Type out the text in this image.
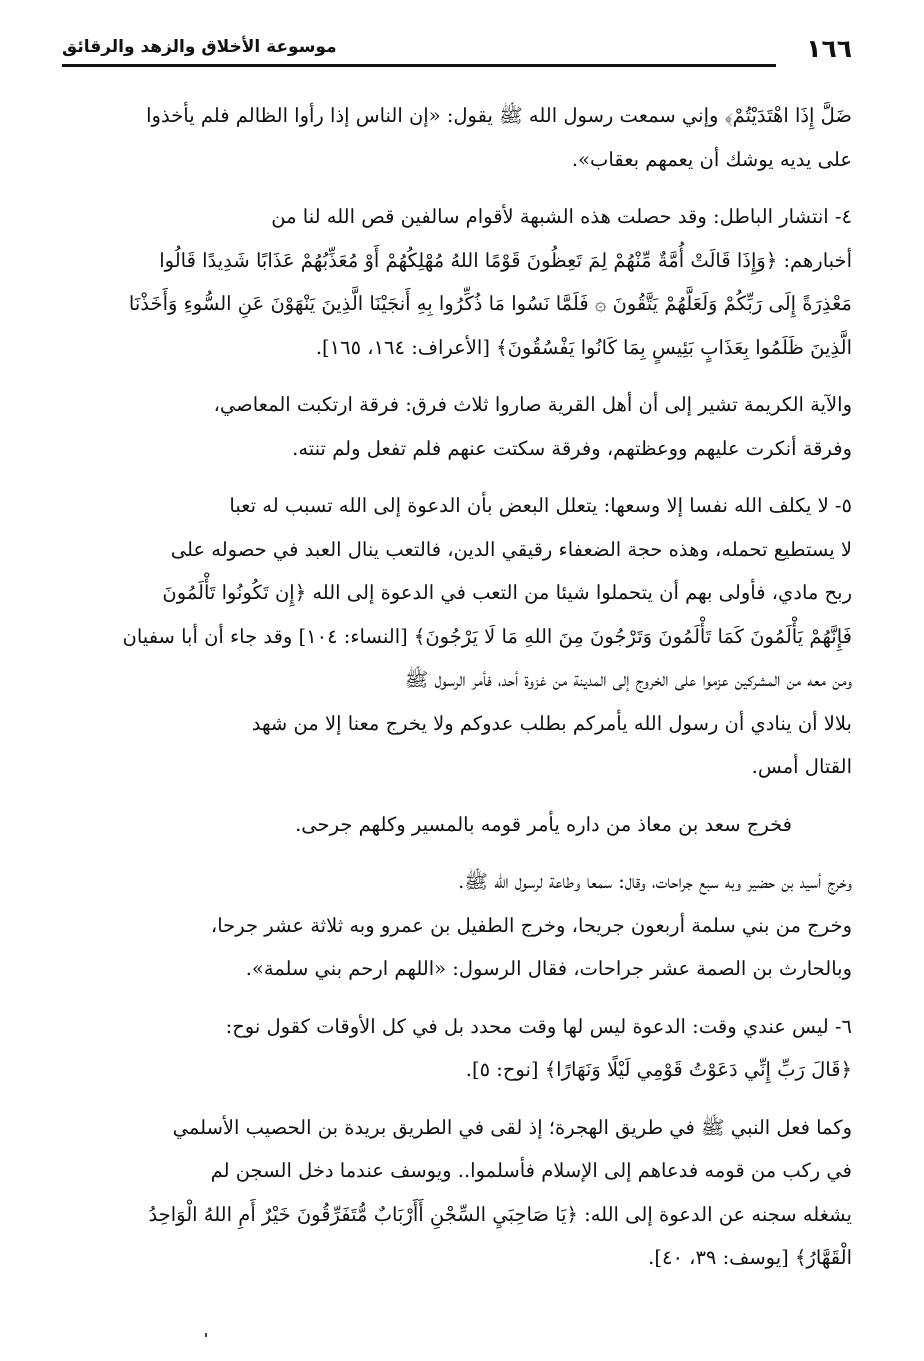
١٦٦
موسوعة الأخلاق والزهد والرقائق

ضَلَّ إِذَا اهْتَدَيْتُمْ﴾ وإني سمعت رسول الله ﷺ يقول: «إن الناس إذا رأوا الظالم فلم يأخذوا
على يديه يوشك أن يعمهم بعقاب».

٤- انتشار الباطل: وقد حصلت هذه الشبهة لأقوام سالفين قص الله لنا من
أخبارهم: ﴿وَإِذَا قَالَتْ أُمَّةٌ مِّنْهُمْ لِمَ تَعِظُونَ قَوْمًا اللهُ مُهْلِكُهُمْ أَوْ مُعَذِّبُهُمْ عَذَابًا شَدِيدًا قَالُوا
مَعْذِرَةً إِلَى رَبِّكُمْ وَلَعَلَّهُمْ يَتَّقُونَ ۞ فَلَمَّا نَسُوا مَا ذُكِّرُوا بِهِ أَنجَيْنَا الَّذِينَ يَنْهَوْنَ عَنِ السُّوءِ وَأَخَذْنَا
الَّذِينَ ظَلَمُوا بِعَذَابٍ بَئِيسٍ بِمَا كَانُوا يَفْسُقُونَ﴾ [الأعراف: ١٦٤، ١٦٥].

والآية الكريمة تشير إلى أن أهل القرية صاروا ثلاث فرق: فرقة ارتكبت المعاصي،
وفرقة أنكرت عليهم ووعظتهم، وفرقة سكتت عنهم فلم تفعل ولم تنته.

٥- لا يكلف الله نفسا إلا وسعها: يتعلل البعض بأن الدعوة إلى الله تسبب له تعبا
لا يستطيع تحمله، وهذه حجة الضعفاء رقيقي الدين، فالتعب ينال العبد في حصوله على
ربح مادي، فأولى بهم أن يتحملوا شيئا من التعب في الدعوة إلى الله ﴿إِن تَكُونُوا تَأْلَمُونَ
فَإِنَّهُمْ يَأْلَمُونَ كَمَا تَأْلَمُونَ وَتَرْجُونَ مِنَ اللهِ مَا لَا يَرْجُونَ﴾ [النساء: ١٠٤] وقد جاء أن أبا سفيان
ومن معه من المشركين عزموا على الخروج إلى المدينة من غزوة أحد، فأمر الرسول ﷺ
بلالا أن ينادي أن رسول الله يأمركم بطلب عدوكم ولا يخرج معنا إلا من شهد
القتال أمس.

فخرج سعد بن معاذ من داره يأمر قومه بالمسير وكلهم جرحى.

وخرج أسيد بن حضير وبه سبع جراحات، وقال: سمعا وطاعة لرسول الله ﷺ.
وخرج من بني سلمة أربعون جريحا، وخرج الطفيل بن عمرو وبه ثلاثة عشر جرحا،
وبالحارث بن الصمة عشر جراحات، فقال الرسول: «اللهم ارحم بني سلمة».

٦- ليس عندي وقت: الدعوة ليس لها وقت محدد بل في كل الأوقات كقول نوح:
﴿قَالَ رَبِّ إِنِّي دَعَوْتُ قَوْمِي لَيْلًا وَنَهَارًا﴾ [نوح: ٥].

وكما فعل النبي ﷺ في طريق الهجرة؛ إذ لقى في الطريق بريدة بن الحصيب الأسلمي
في ركب من قومه فدعاهم إلى الإسلام فأسلموا.. ويوسف عندما دخل السجن لم
يشغله سجنه عن الدعوة إلى الله: ﴿يَا صَاحِبَيِ السِّجْنِ أَأَرْبَابٌ مُّتَفَرِّقُونَ خَيْرٌ أَمِ اللهُ الْوَاحِدُ
الْقَهَّارُ﴾ [يوسف: ٣٩، ٤٠].
